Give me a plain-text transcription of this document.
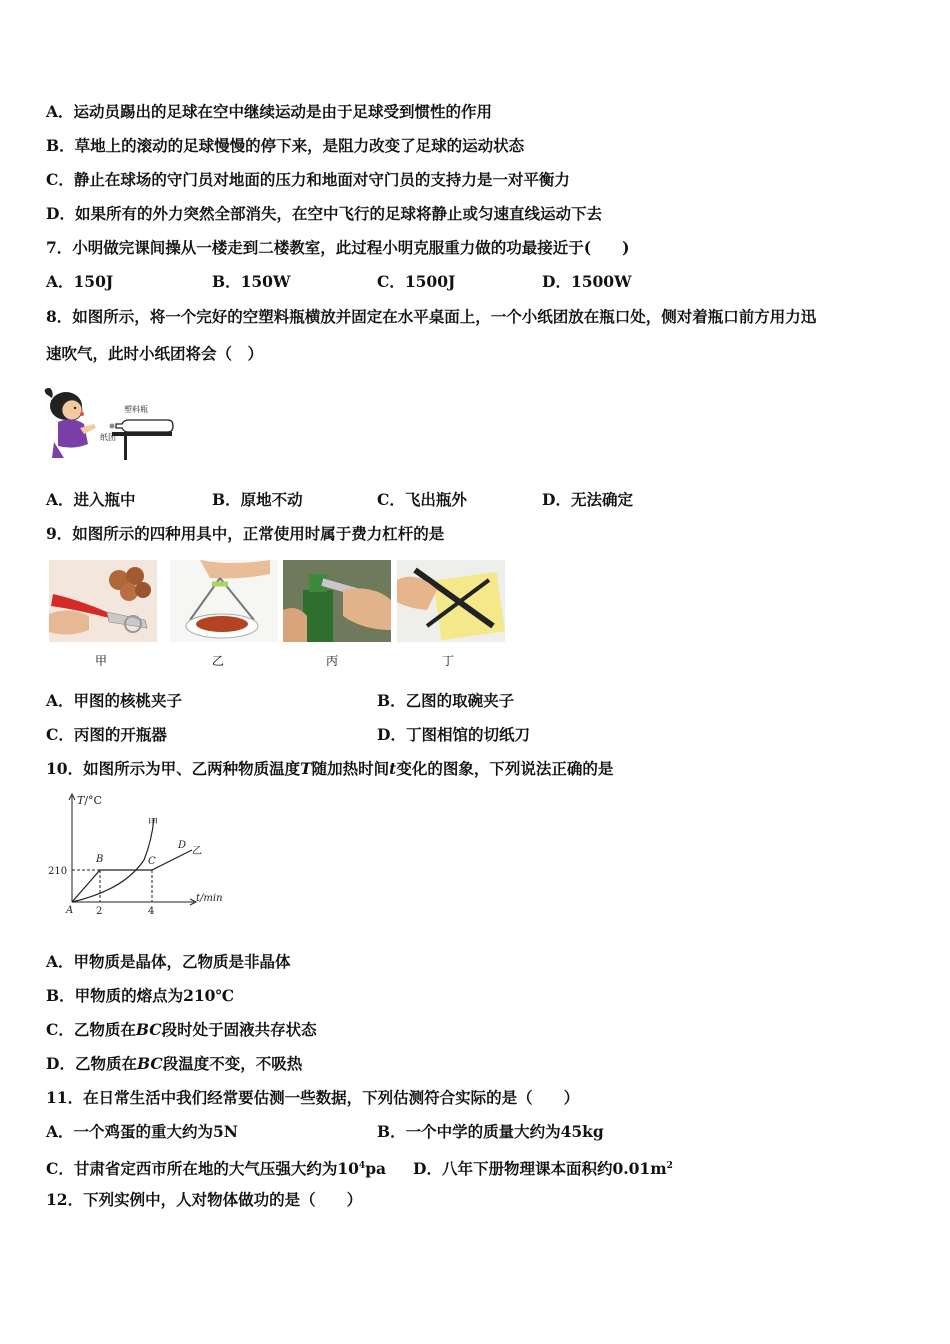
A．运动员踢出的足球在空中继续运动是由于足球受到惯性的作用
B．草地上的滚动的足球慢慢的停下来，是阻力改变了足球的运动状态
C．静止在球场的守门员对地面的压力和地面对守门员的支持力是一对平衡力
D．如果所有的外力突然全部消失，在空中飞行的足球将静止或匀速直线运动下去
7．小明做完课间操从一楼走到二楼教室，此过程小明克服重力做的功最接近于(　　)
A．150J	B．150W	C．1500J	D．1500W
8．如图所示，将一个完好的空塑料瓶横放并固定在水平桌面上，一个小纸团放在瓶口处，侧对着瓶口前方用力迅
速吹气，此时小纸团将会（　）
塑料瓶
纸团
A．进入瓶中	B．原地不动	C．飞出瓶外	D．无法确定
9．如图所示的四种用具中，正常使用时属于费力杠杆的是
甲	乙	丙	丁
A．甲图的核桃夹子	B．乙图的取碗夹子
C．丙图的开瓶器	D．丁图相馆的切纸刀
10．如图所示为甲、乙两种物质温度T随加热时间t变化的图象，下列说法正确的是
T/°C
t/min
210
2	4
A
B	C
D
甲
乙
A．甲物质是晶体，乙物质是非晶体
B．甲物质的熔点为210℃
C．乙物质在BC段时处于固液共存状态
D．乙物质在BC段温度不变，不吸热
11．在日常生活中我们经常要估测一些数据，下列估测符合实际的是（　　）
A．一个鸡蛋的重大约为5N	B．一个中学的质量大约为45kg
C．甘肃省定西市所在地的大气压强大约为$10^4pa$ D．八年下册物理课本面积约$0.01m^2$
12．下列实例中，人对物体做功的是（　　）
